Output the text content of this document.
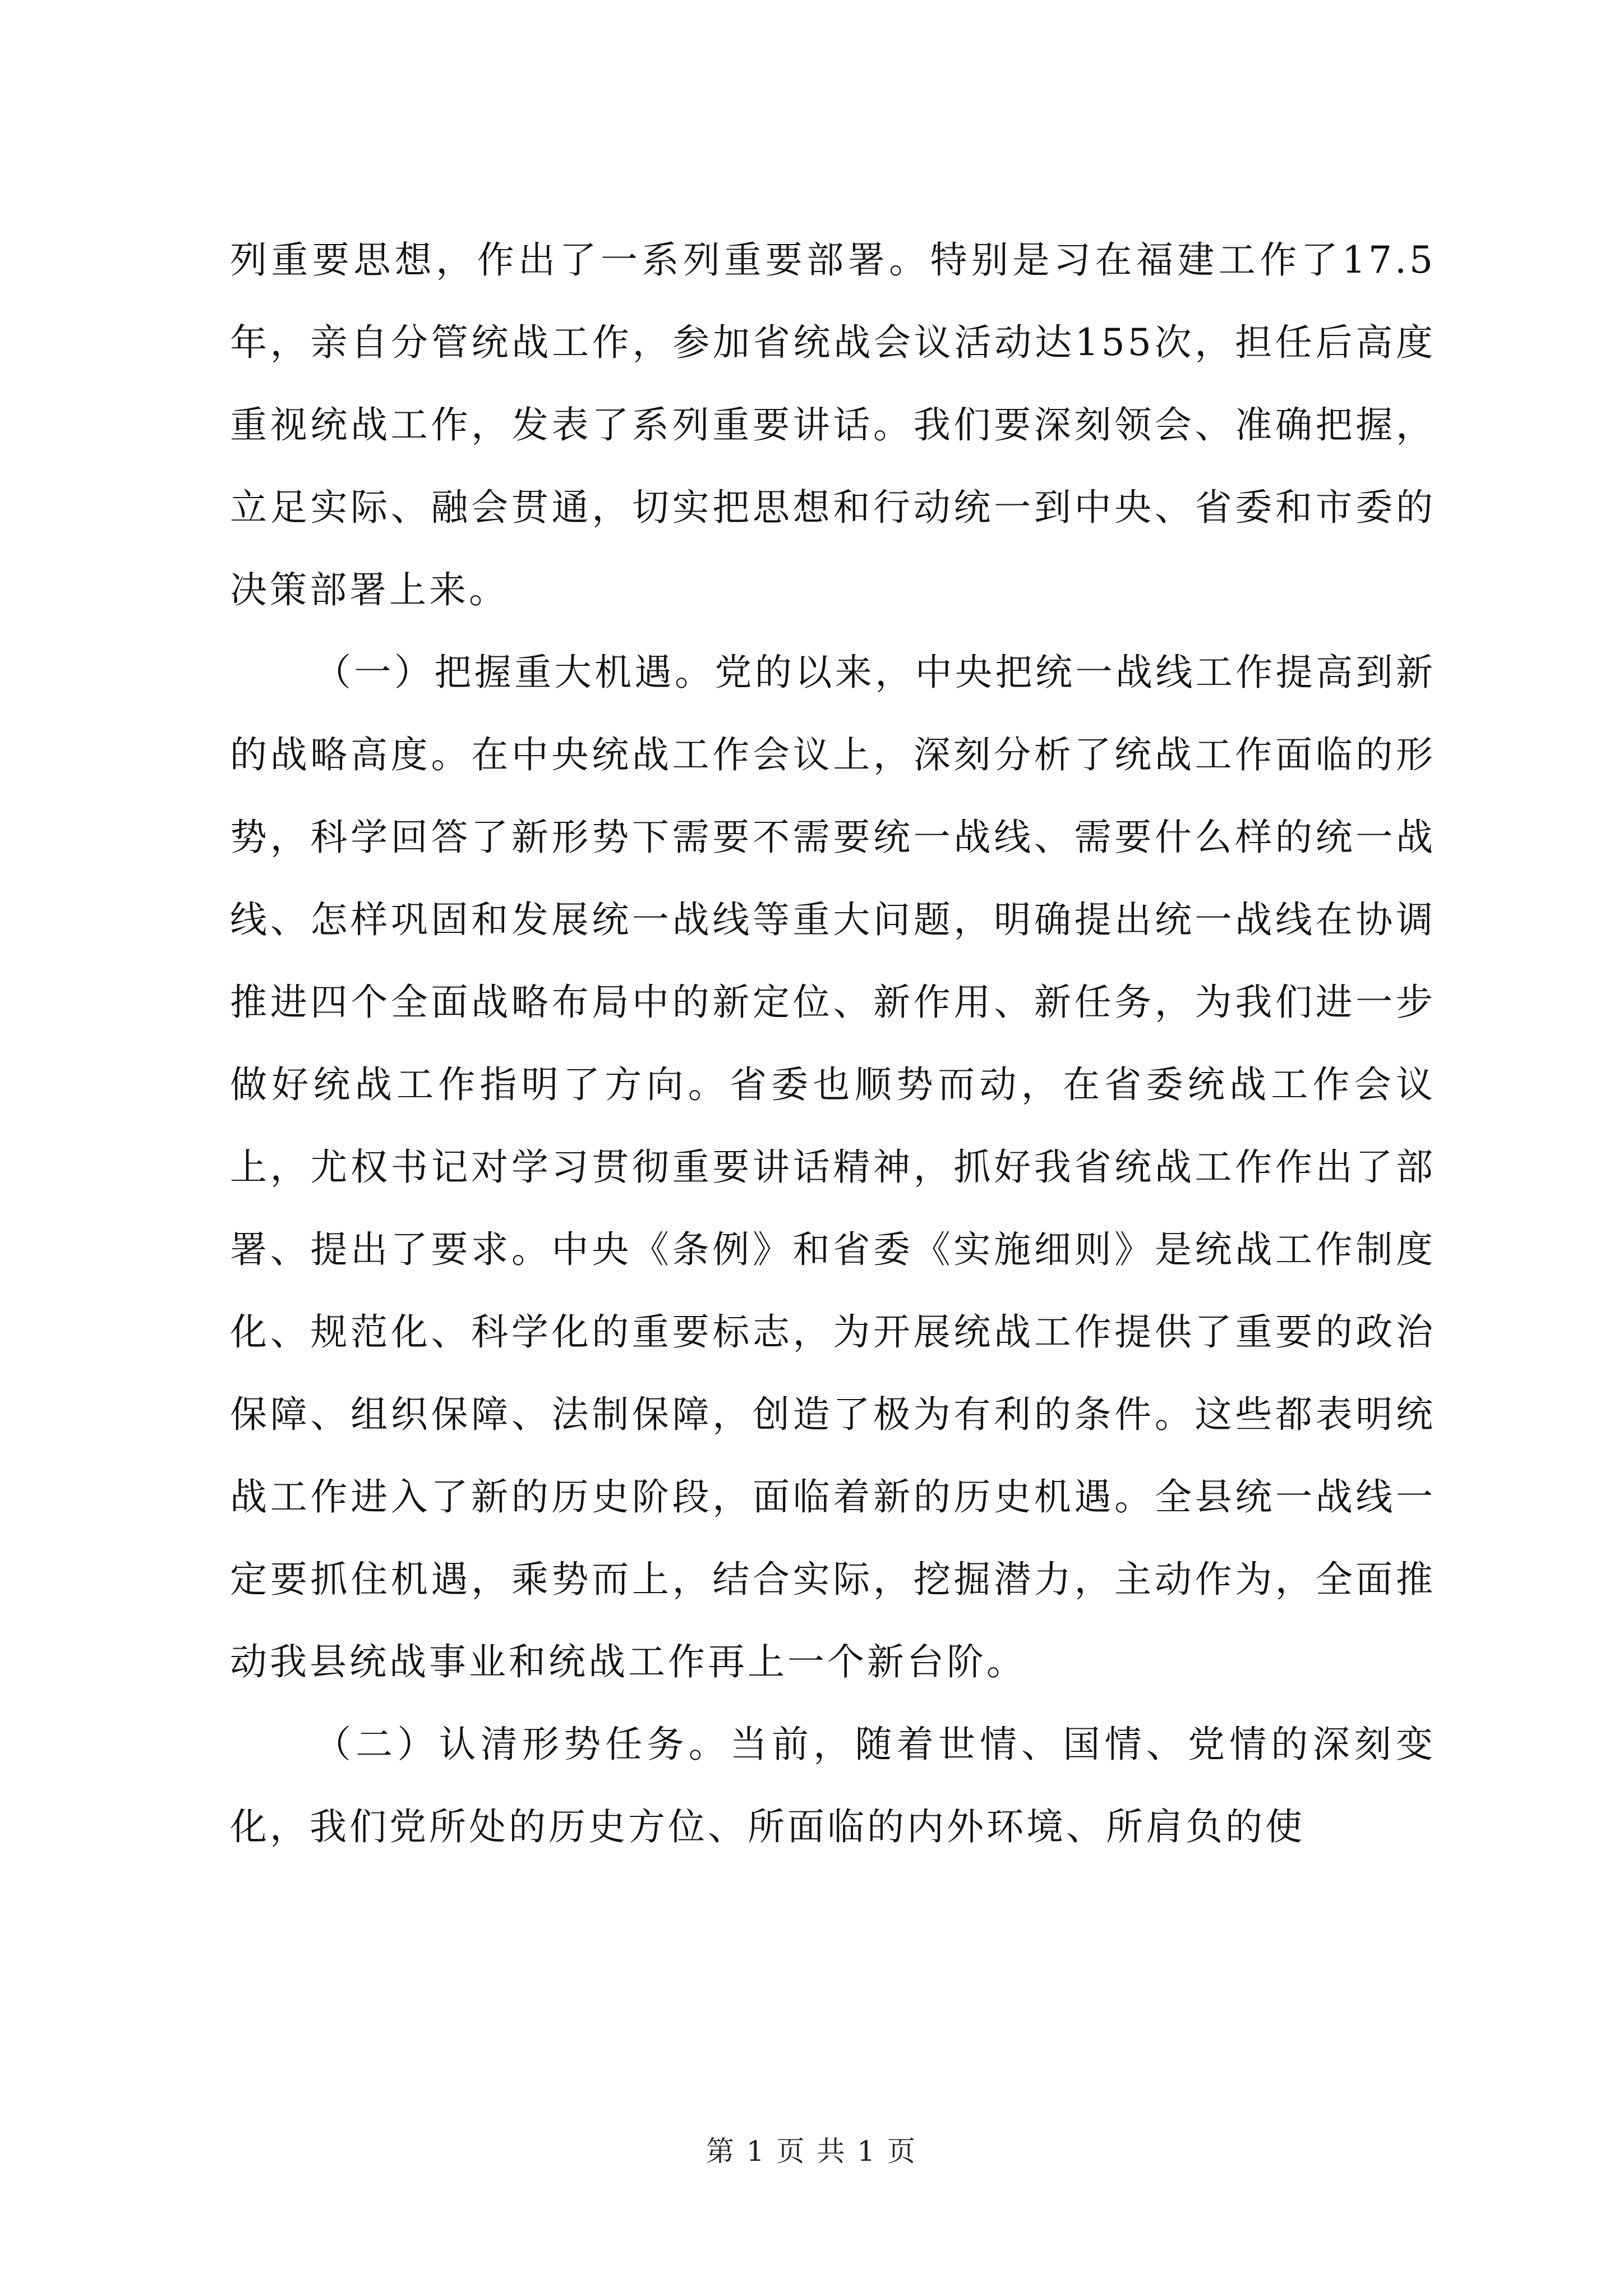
列重要思想，作出了一系列重要部署。特别是习在福建工作了17.5年，亲自分管统战工作，参加省统战会议活动达155次，担任后高度重视统战工作，发表了系列重要讲话。我们要深刻领会、准确把握，立足实际、融会贯通，切实把思想和行动统一到中央、省委和市委的决策部署上来。

（一）把握重大机遇。党的以来，中央把统一战线工作提高到新的战略高度。在中央统战工作会议上，深刻分析了统战工作面临的形势，科学回答了新形势下需要不需要统一战线、需要什么样的统一战线、怎样巩固和发展统一战线等重大问题，明确提出统一战线在协调推进四个全面战略布局中的新定位、新作用、新任务，为我们进一步做好统战工作指明了方向。省委也顺势而动，在省委统战工作会议上，尤权书记对学习贯彻重要讲话精神，抓好我省统战工作作出了部署、提出了要求。中央《条例》和省委《实施细则》是统战工作制度化、规范化、科学化的重要标志，为开展统战工作提供了重要的政治保障、组织保障、法制保障，创造了极为有利的条件。这些都表明统战工作进入了新的历史阶段，面临着新的历史机遇。全县统一战线一定要抓住机遇，乘势而上，结合实际，挖掘潜力，主动作为，全面推动我县统战事业和统战工作再上一个新台阶。

（二）认清形势任务。当前，随着世情、国情、党情的深刻变化，我们党所处的历史方位、所面临的内外环境、所肩负的使

第 1 页 共 1 页
